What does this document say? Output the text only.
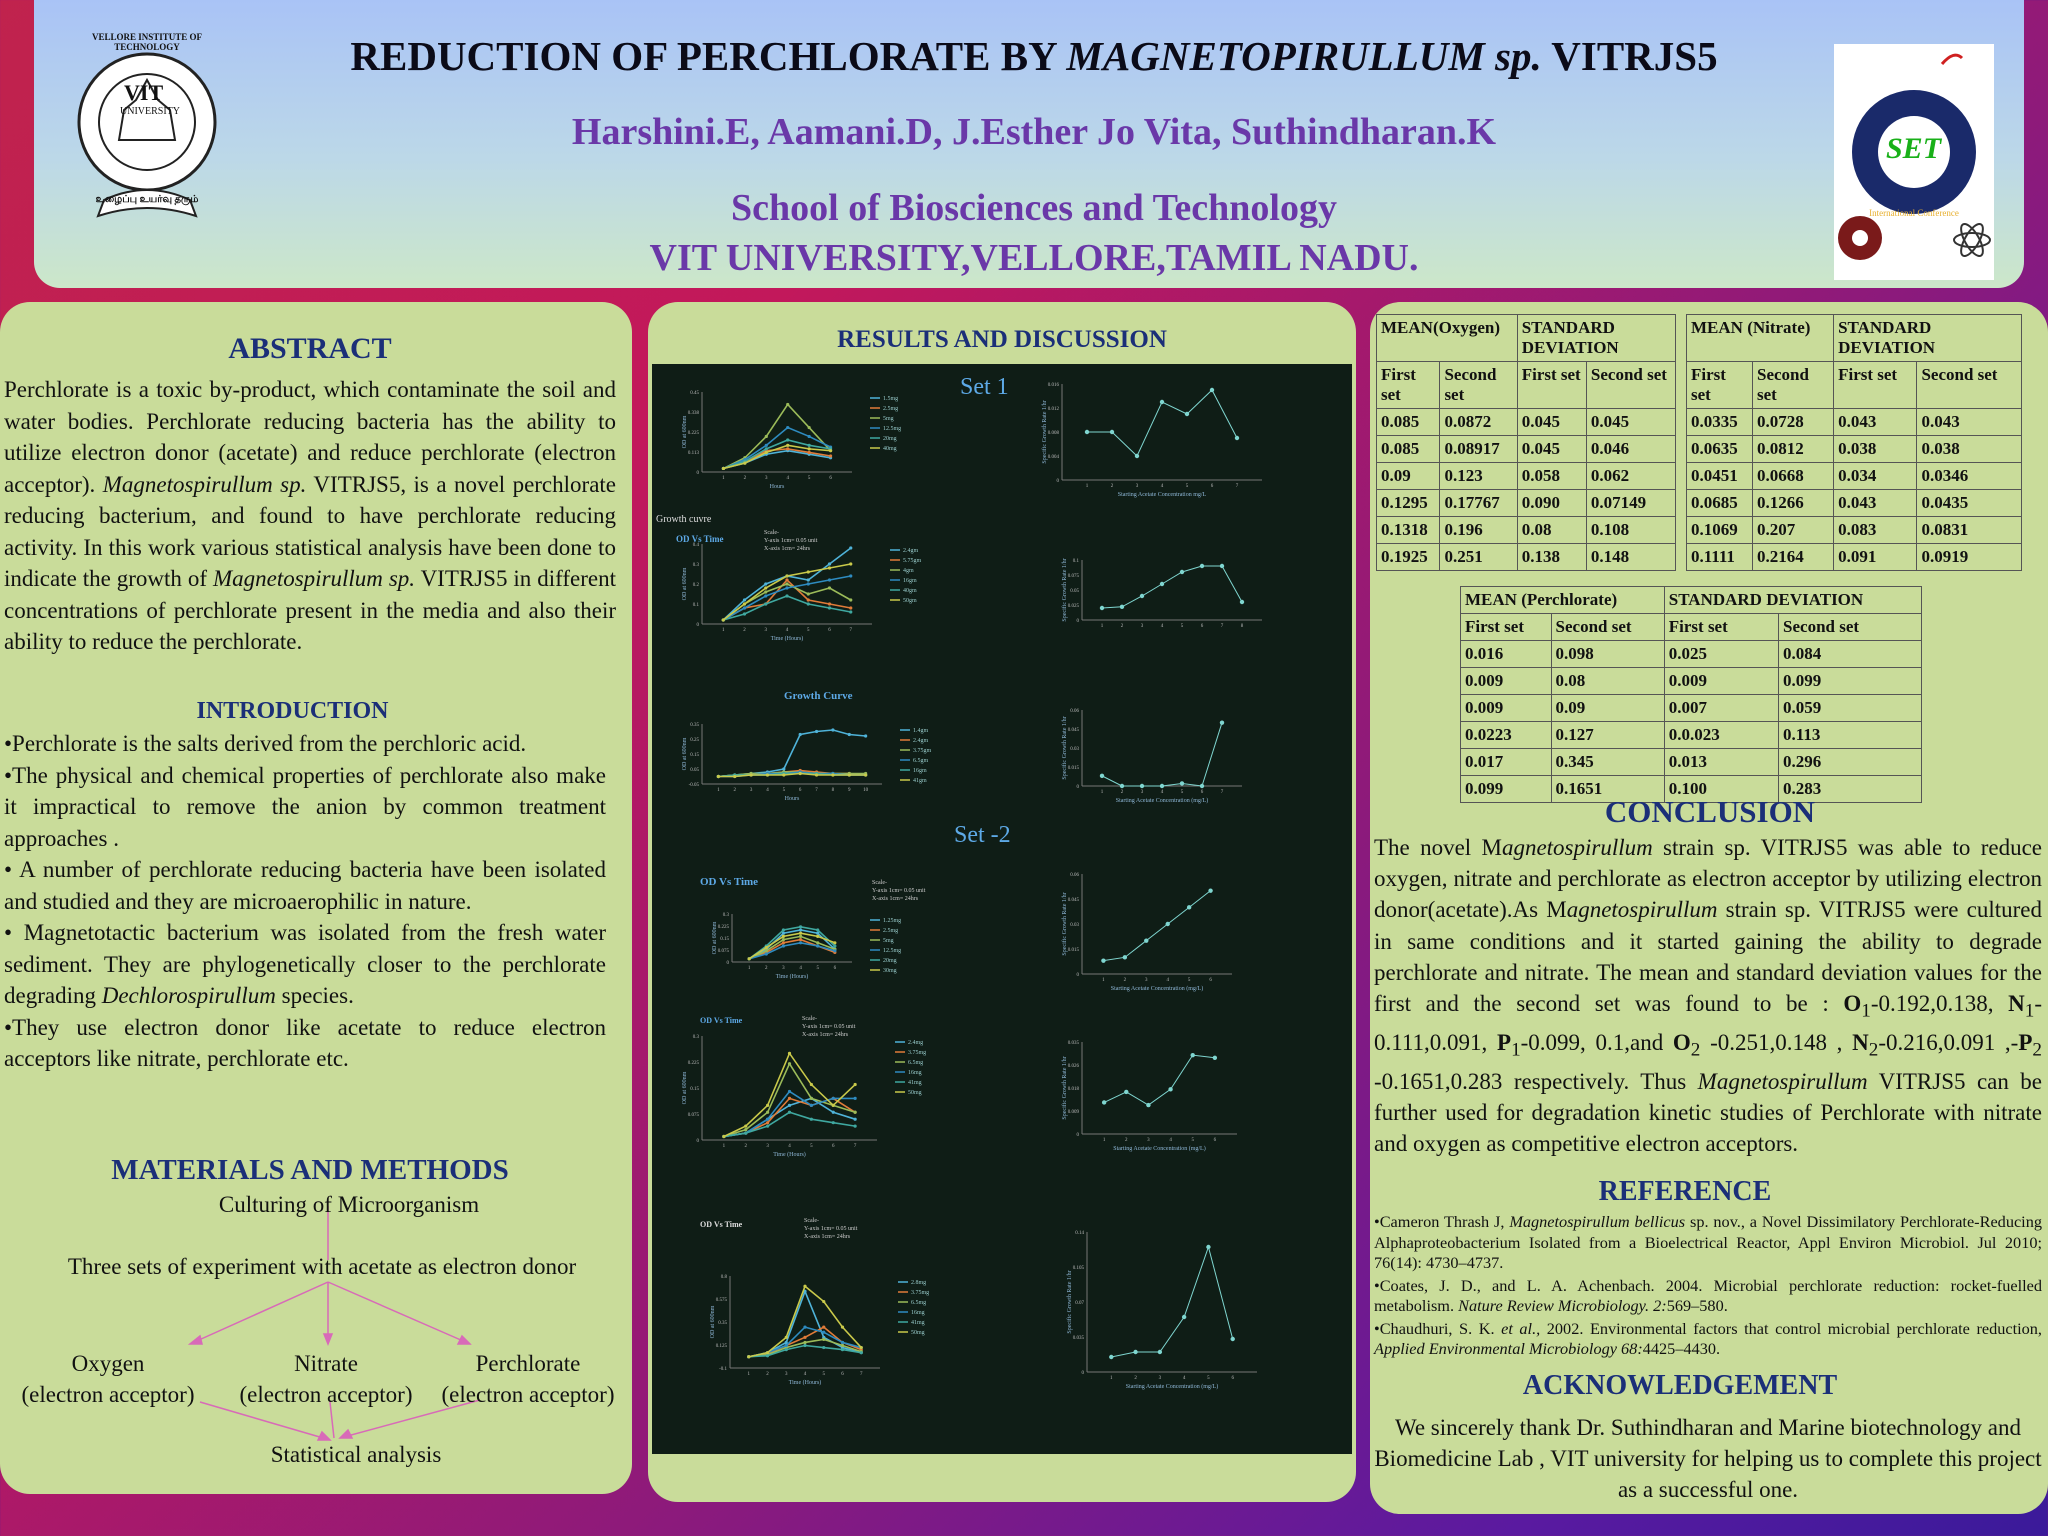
VIT
UNIVERSITY
VELLORE INSTITUTE OF TECHNOLOGY
உழைப்பு உயர்வு தரும்
REDUCTION OF PERCHLORATE BY MAGNETOPIRULLUM sp. VITRJS5
Harshini.E, Aamani.D, J.Esther Jo Vita, Suthindharan.K
School of Biosciences and Technology
VIT UNIVERSITY,VELLORE,TAMIL NADU.
SET
International Conference
ABSTRACT
Perchlorate is a toxic by-product, which contaminate the soil and water bodies. Perchlorate reducing bacteria has the ability to utilize electron donor (acetate) and reduce perchlorate (electron acceptor). Magnetospirullum sp. VITRJS5, is a novel perchlorate reducing bacterium, and found to have perchlorate reducing activity. In this work various statistical analysis have been done to indicate the growth of Magnetospirullum sp. VITRJS5 in different concentrations of perchlorate present in the media and also their ability to reduce the perchlorate.
INTRODUCTION
•Perchlorate is the salts derived from the perchloric acid.
•The physical and chemical properties of perchlorate also make it impractical to remove the anion by common treatment approaches .
• A number of perchlorate reducing bacteria have been isolated and studied and they are microaerophilic in nature.
• Magnetotactic bacterium was isolated from the fresh water sediment. They are phylogenetically closer to the perchlorate degrading Dechlorospirullum species.
•They use electron donor like acetate to reduce electron acceptors like nitrate, perchlorate etc.
MATERIALS AND METHODS
Culturing of Microorganism
Three sets of experiment with acetate as electron donor
Oxygen
(electron acceptor)
Nitrate
(electron acceptor)
Perchlorate
(electron acceptor)
Statistical analysis
RESULTS AND DISCUSSION
Set 1
Set -2
Growth cuvre
Growth Curve
OD Vs Time
OD Vs Time
OD Vs Time
OD Vs Time
0
0.113
0.225
0.338
0.45
1	2	3	4	5	6
Hours
OD at 600nm
1.5mg
2.5mg
5mg
12.5mg
20mg
40mg
0
0.004
0.008
0.012
0.016
1	2	3	4	5	6	7
Starting Acetate Concentration mg/L
Specific Growth Rate 1/hr
0
0.1
0.2
0.3
0.4
1	2	3	4	5	6	7
Time (Hours)
OD at 600nm
2.4gm
5.75gm
4gm
16gm
40gm
50gm
0
0.025
0.05
0.075
0.1
1	2	3	4	5	6	7	8
Specific Growth Rate 1/hr
-0.05
0.05
0.15
0.25
0.35
1	2	3	4	5	6	7	8	9	10
Hours
OD at 600nm
1.4gm
2.4gm
3.75gm
6.5gm
16gm
41gm
0
0.015
0.03
0.045
0.06
1	2	3	4	5	6	7
Starting Acetate Concentration (mg/L)
Specific Growth Rate 1/hr
0
0.075
0.15
0.225
0.3
1	2	3	4	5	6
Time (Hours)
OD at 600nm
1.25mg
2.5mg
5mg
12.5mg
20mg
30mg
0
0.015
0.03
0.045
0.06
1	2	3	4	5	6
Starting Acetate Concentration (mg/L)
Specific Growth Rate 1/hr
0
0.075
0.15
0.225
0.3
1	2	3	4	5	6	7
Time (Hours)
OD at 600nm
2.4mg
3.75mg
6.5mg
16mg
41mg
50mg
0
0.009
0.018
0.026
0.035
1	2	3	4	5	6
Starting Acetate Concentration (mg/L)
Specific Growth Rate 1/hr
-0.1
0.125
0.35
0.575
0.8
1	2	3	4	5	6	7
Time (Hours)
OD at 600nm
2.8mg
3.75mg
6.5mg
16mg
41mg
50mg
0
0.035
0.07
0.105
0.14
1	2	3	4	5	6
Starting Acetate Concentration (mg/L)
Specific Growth Rate 1/hr
Scale-
Y-axis 1cm= 0.05 unit
X-axis 1cm= 24hrs
Scale-
Y-axis 1cm= 0.05 unit
X-axis 1cm= 24hrs
Scale-
Y-axis 1cm= 0.05 unit
X-axis 1cm= 24hrs
Scale-
Y-axis 1cm= 0.05 unit
X-axis 1cm= 24hrs
MEAN(Oxygen)		STANDARD DEVIATION	
First set	Second set	First set	Second set
0.085	0.0872	0.045	0.045
0.085	0.08917	0.045	0.046
0.09	0.123	0.058	0.062
0.1295	0.17767	0.090	0.07149
0.1318	0.196	0.08	0.108
0.1925	0.251	0.138	0.148
MEAN (Nitrate)		STANDARD DEVIATION	
First set	Second set	First set	Second set
0.0335	0.0728	0.043	0.043
0.0635	0.0812	0.038	0.038
0.0451	0.0668	0.034	0.0346
0.0685	0.1266	0.043	0.0435
0.1069	0.207	0.083	0.0831
0.1111	0.2164	0.091	0.0919
MEAN (Perchlorate)		STANDARD DEVIATION	
First set	Second set	First set	Second set
0.016	0.098	0.025	0.084
0.009	0.08	0.009	0.099
0.009	0.09	0.007	0.059
0.0223	0.127	0.0.023	0.113
0.017	0.345	0.013	0.296
0.099	0.1651	0.100	0.283
CONCLUSION
The novel Magnetospirullum strain sp. VITRJS5 was able to reduce oxygen, nitrate and perchlorate as electron acceptor by utilizing electron donor(acetate).As Magnetospirullum strain sp. VITRJS5 were cultured in same conditions and it started gaining the ability to degrade perchlorate and nitrate. The mean and standard deviation values for the first and the second set was found to be : $O_1-0.192,0.138$, $N_1-0.111,0.091$, $P_1-0.099$, 0.1,and $O_2$ -0.251,0.148 , $N_2-0.216,0.091$ $,-P_2$ -0.1651,0.283 respectively. Thus Magnetospirullum VITRJS5 can be further used for degradation kinetic studies of Perchlorate with nitrate and oxygen as competitive electron acceptors.
REFERENCE

•Cameron Thrash J, Magnetospirullum bellicus sp. nov., a Novel Dissimilatory Perchlorate-Reducing Alphaproteobacterium Isolated from a Bioelectrical Reactor, Appl Environ Microbiol. Jul 2010; 76(14): 4730–4737.

•Coates, J. D., and L. A. Achenbach. 2004. Microbial perchlorate reduction: rocket-fuelled metabolism. Nature Review Microbiology. 2:569–580.

•Chaudhuri, S. K. et al., 2002. Environmental factors that control microbial perchlorate reduction, Applied Environmental Microbiology 68:4425–4430.

ACKNOWLEDGEMENT
We sincerely thank Dr. Suthindharan and Marine biotechnology and Biomedicine Lab , VIT university for helping us to complete this project as a successful one.
